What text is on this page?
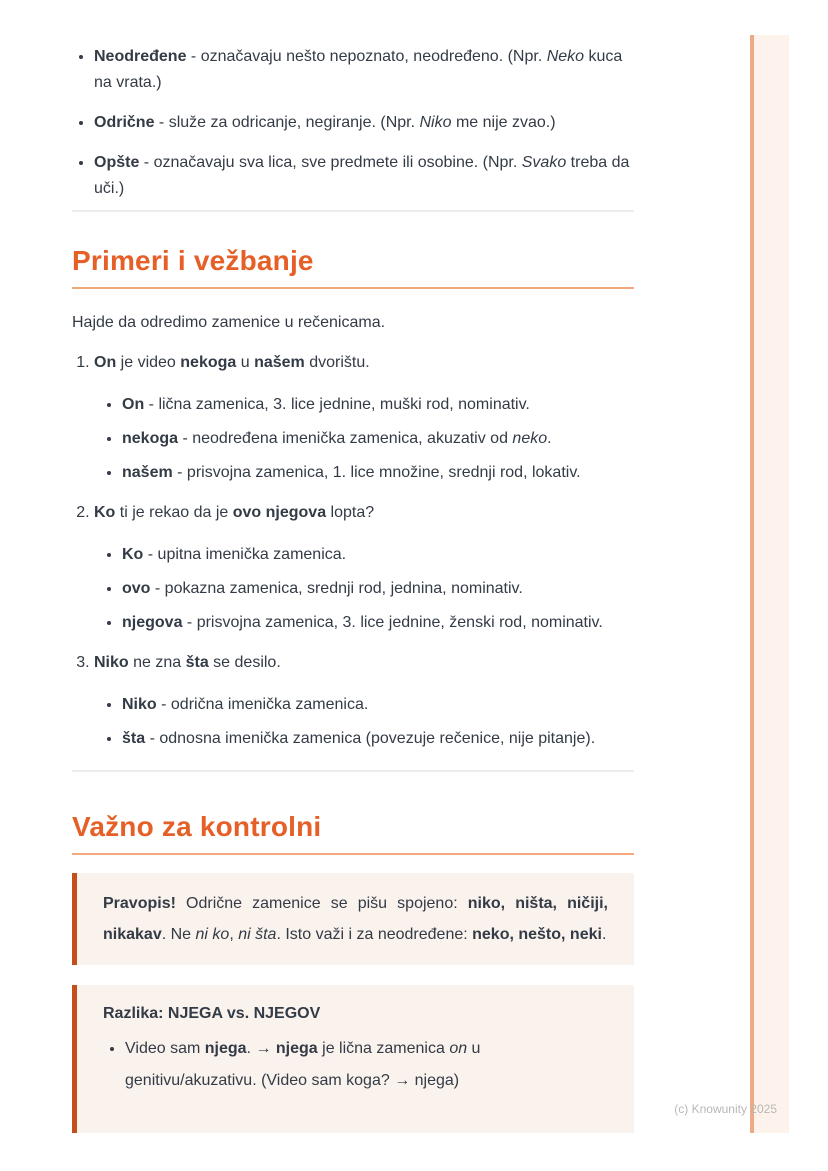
• Neodređene - označavaju nešto nepoznato, neodređeno. (Npr. Neko kuca na vrata.)
• Odrične - služe za odricanje, negiranje. (Npr. Niko me nije zvao.)
• Opšte - označavaju sva lica, sve predmete ili osobine. (Npr. Svako treba da uči.)
Primeri i vežbanje

Hajde da odredimo zamenice u rečenicama.

1. On je video nekoga u našem dvorištu.
• On - lična zamenica, 3. lice jednine, muški rod, nominativ.
• nekoga - neodređena imenička zamenica, akuzativ od neko.
• našem - prisvojna zamenica, 1. lice množine, srednji rod, lokativ.
2. Ko ti je rekao da je ovo njegova lopta?
• Ko - upitna imenička zamenica.
• ovo - pokazna zamenica, srednji rod, jednina, nominativ.
• njegova - prisvojna zamenica, 3. lice jednine, ženski rod, nominativ.
3. Niko ne zna šta se desilo.
• Niko - odrična imenička zamenica.
• šta - odnosna imenička zamenica (povezuje rečenice, nije pitanje).
Važno za kontrolni

Pravopis! Odrične zamenice se pišu spojeno: niko, ništa, ničiji, nikakav. Ne ni ko, ni šta. Isto važi i za neodređene: neko, nešto, neki.

Razlika: NJEGA vs. NJEGOV

• Video sam njega. → njega je lična zamenica on u
genitivu/akuzativu. (Video sam koga? → njega)
(c) Knowunity 2025
